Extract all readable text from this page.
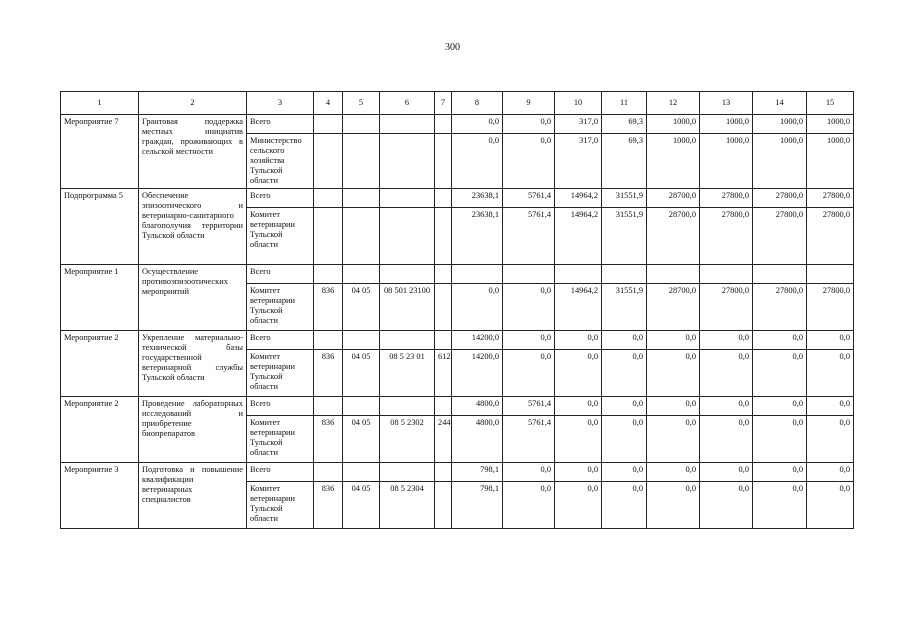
300
1	2	3	4	5	6	7	8	9	10	11	12	13	14	15
Мероприятие 7	Грантовая поддержка местных инициатив граждан, проживающих в сельской местности	Всего					0,0	0,0	317,0	69,3	1000,0	1000,0	1000,0	1000,0
		Министерство сельского хозяйства Тульской области					0,0	0,0	317,0	69,3	1000,0	1000,0	1000,0	1000,0
Подпрограмма 5	Обеспечение эпизоотического и ветеринарно-санитарного благополучия территории Тульской области	Всего					23638,1	5761,4	14964,2	31551,9	28700,0	27800,0	27800,0	27800,0
		Комитет ветеринарии Тульской области					23638,1	5761,4	14964,2	31551,9	28700,0	27800,0	27800,0	27800,0
Мероприятие 1	Осуществление противоэпизоотических мероприятий	Всего												
		Комитет ветеринарии Тульской области	836	04 05	08 501 23100		0,0	0,0	14964,2	31551,9	28700,0	27800,0	27800,0	27800,0
Мероприятие 2	Укрепление материально-технической базы государственной ветеринарной службы Тульской области	Всего					14200,0	0,0	0,0	0,0	0,0	0,0	0,0	0,0
		Комитет ветеринарии Тульской области	836	04 05	08 5 23 01	612	14200,0	0,0	0,0	0,0	0,0	0,0	0,0	0,0
Мероприятие 2	Проведение лабораторных исследований и приобретение биопрепаратов	Всего					4800,0	5761,4	0,0	0,0	0,0	0,0	0,0	0,0
		Комитет ветеринарии Тульской области	836	04 05	08 5 2302	244	4800,0	5761,4	0,0	0,0	0,0	0,0	0,0	0,0
Мероприятие 3	Подготовка и повышение квалификации ветеринарных специалистов	Всего					798,1	0,0	0,0	0,0	0,0	0,0	0,0	0,0
		Комитет ветеринарии Тульской области	836	04 05	08 5 2304		798,1	0,0	0,0	0,0	0,0	0,0	0,0	0,0
